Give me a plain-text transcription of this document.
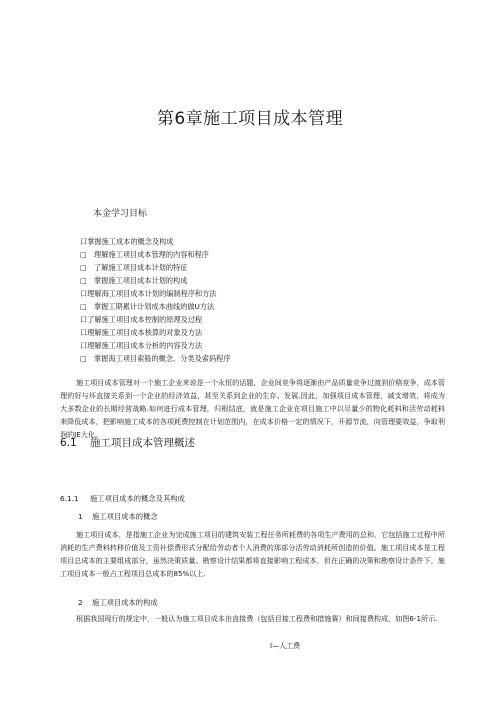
第6章施工项目成本管理
本金学习目标
口掌握施工成本的概念及构成
□　理解施工项目成本管理的内容和程序
□　了解施工项目成本计划的特征
□　掌握施工项目成本计划的构成
口理解海工项目成本计划的编制程序和方法
□　掌握工期累计计划成本曲线的做U方法
口了解施工项目成本控制的原理及过程
口理解施工项目成本核算的对象及方法
口理解施工项目成本分析的内容及方法
□　掌握海工项目索般的概念、分类及索码程序

施工项目成本管理对一个施工企业来说是一个永恒的话题，企业间竞争将逐渐由产品质量竞争过渡到价格竞争，成本管理的好与坏直接关系到一个企业的经济效益，甚至关系到企业的生存、发展.因此，加强项目成本管理，减支增效，将成为大多数企业的长期经营战略.如何进行成本管理，归根结底，就是施工企业在项目施工中以尽量少的物化耗料和活劳动耗料来降低成本，把影响施工成本的各项耗费控制在计划范围内，在成本价格一定的情况下，开源节流，向管理要效益，争取利润的JE大化。

6.1 施工项目成本管理概述
6.1.1 施工项目成本的概念及其构成
1 施工项目成本的概念

施工项目成本，是指施工企业为完成施工项目的建筑安装工程任务所耗费的各项生产费用的总和，它包括施工过程中所消耗的生产费料转移价值及工资补偿费形式分配给劳动者个人消费的那部分活劳动消耗所创造的价值。施工项目成本是工程项目总成本的主要组成部分，虽然决策质量、勘察设计结果都将直接影响工程成本，但在正确的决策和勘察设计条件下，施工项目成本一般占工程项目总成本的85%以上.

2 施工项目成本的构成

根据我国现行的规定中，一般认为施工项目成本由直接费（包括目接工程费和措施赛）和间接费构成，如图6-1所示.

I—人工费
